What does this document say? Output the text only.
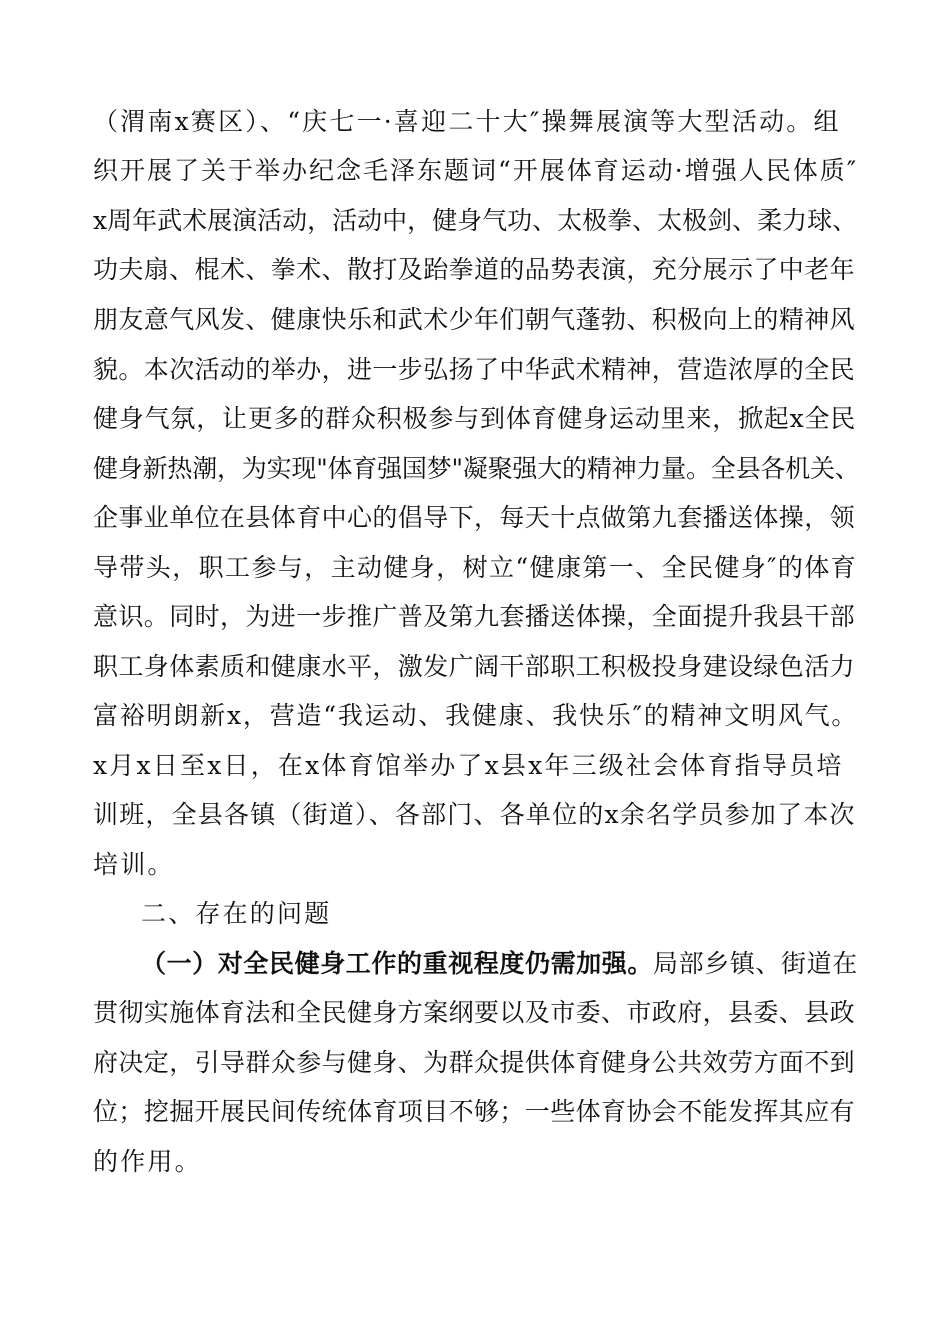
（渭南x赛区）、“庆七一·喜迎二十大″操舞展演等大型活动。组
织开展了关于举办纪念毛泽东题词“开展体育运动·增强人民体质″
x周年武术展演活动，活动中，健身气功、太极拳、太极剑、柔力球、
功夫扇、棍术、拳术、散打及跆拳道的品势表演，充分展示了中老年
朋友意气风发、健康快乐和武术少年们朝气蓬勃、积极向上的精神风
貌。本次活动的举办，进一步弘扬了中华武术精神，营造浓厚的全民
健身气氛，让更多的群众积极参与到体育健身运动里来，掀起x全民
健身新热潮，为实现"体育强国梦"凝聚强大的精神力量。全县各机关、
企事业单位在县体育中心的倡导下，每天十点做第九套播送体操，领
导带头，职工参与，主动健身，树立“健康第一、全民健身″的体育
意识。同时，为进一步推广普及第九套播送体操，全面提升我县干部
职工身体素质和健康水平，激发广阔干部职工积极投身建设绿色活力
富裕明朗新x，营造“我运动、我健康、我快乐″的精神文明风气。
x月x日至x日，在x体育馆举办了x县x年三级社会体育指导员培
训班，全县各镇（街道）、各部门、各单位的x余名学员参加了本次
培训。
二、存在的问题
（一）对全民健身工作的重视程度仍需加强。局部乡镇、街道在
贯彻实施体育法和全民健身方案纲要以及市委、市政府，县委、县政
府决定，引导群众参与健身、为群众提供体育健身公共效劳方面不到
位；挖掘开展民间传统体育项目不够；一些体育协会不能发挥其应有
的作用。
